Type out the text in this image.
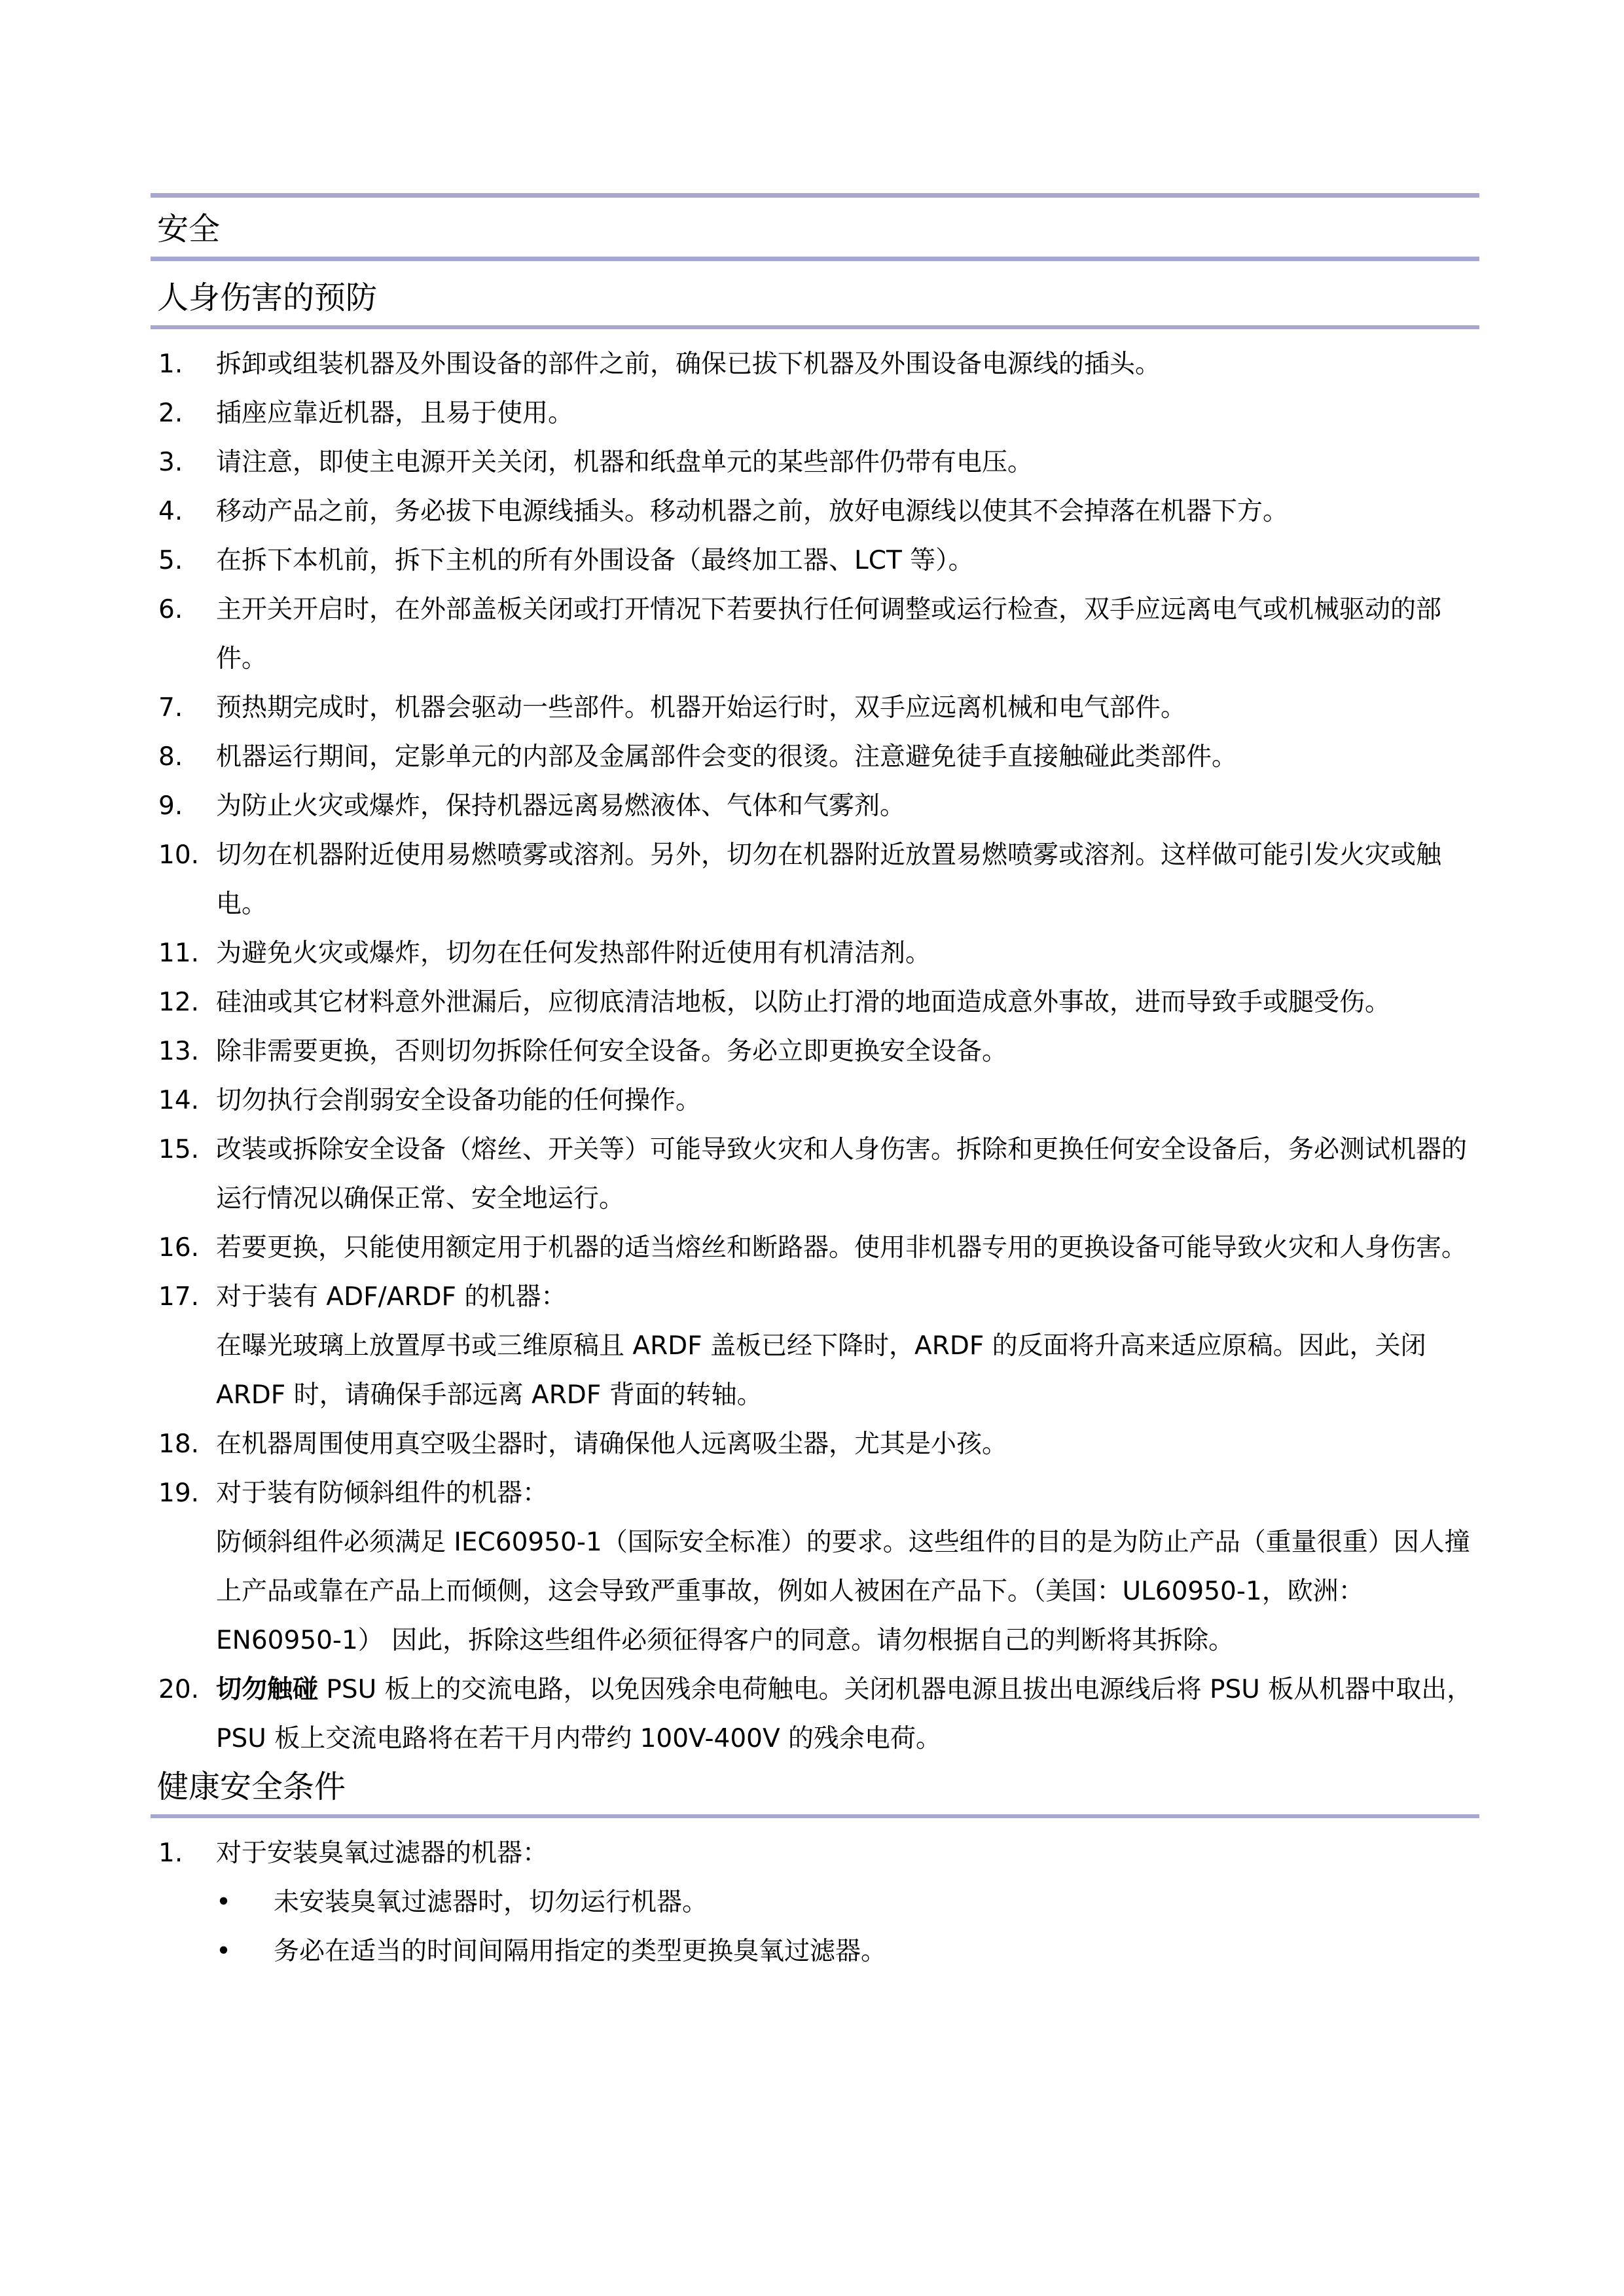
安全
人身伤害的预防
1. 拆卸或组装机器及外围设备的部件之前，确保已拔下机器及外围设备电源线的插头。
2. 插座应靠近机器，且易于使用。
3. 请注意，即使主电源开关关闭，机器和纸盘单元的某些部件仍带有电压。
4. 移动产品之前，务必拔下电源线插头。移动机器之前，放好电源线以使其不会掉落在机器下方。
5. 在拆下本机前，拆下主机的所有外围设备（最终加工器、LCT 等）。
6. 主开关开启时，在外部盖板关闭或打开情况下若要执行任何调整或运行检查，双手应远离电气或机械驱动的部件。
7. 预热期完成时，机器会驱动一些部件。机器开始运行时，双手应远离机械和电气部件。
8. 机器运行期间，定影单元的内部及金属部件会变的很烫。注意避免徒手直接触碰此类部件。
9. 为防止火灾或爆炸，保持机器远离易燃液体、气体和气雾剂。
10. 切勿在机器附近使用易燃喷雾或溶剂。另外，切勿在机器附近放置易燃喷雾或溶剂。这样做可能引发火灾或触电。
11. 为避免火灾或爆炸，切勿在任何发热部件附近使用有机清洁剂。
12. 硅油或其它材料意外泄漏后，应彻底清洁地板，以防止打滑的地面造成意外事故，进而导致手或腿受伤。
13. 除非需要更换，否则切勿拆除任何安全设备。务必立即更换安全设备。
14. 切勿执行会削弱安全设备功能的任何操作。
15. 改装或拆除安全设备（熔丝、开关等）可能导致火灾和人身伤害。拆除和更换任何安全设备后，务必测试机器的运行情况以确保正常、安全地运行。
16. 若要更换，只能使用额定用于机器的适当熔丝和断路器。使用非机器专用的更换设备可能导致火灾和人身伤害。
17. 对于装有 ADF/ARDF 的机器：
在曝光玻璃上放置厚书或三维原稿且 ARDF 盖板已经下降时，ARDF 的反面将升高来适应原稿。因此，关闭 ARDF 时，请确保手部远离 ARDF 背面的转轴。
18. 在机器周围使用真空吸尘器时，请确保他人远离吸尘器，尤其是小孩。
19. 对于装有防倾斜组件的机器：
防倾斜组件必须满足 IEC60950-1（国际安全标准）的要求。这些组件的目的是为防止产品（重量很重）因人撞上产品或靠在产品上而倾侧，这会导致严重事故，例如人被困在产品下。（美国：UL60950-1，欧洲：EN60950-1） 因此，拆除这些组件必须征得客户的同意。请勿根据自己的判断将其拆除。
20. 切勿触碰 PSU 板上的交流电路，以免因残余电荷触电。关闭机器电源且拔出电源线后将 PSU 板从机器中取出，PSU 板上交流电路将在若干月内带约 100V-400V 的残余电荷。
健康安全条件
1. 对于安装臭氧过滤器的机器：
• 未安装臭氧过滤器时，切勿运行机器。
• 务必在适当的时间间隔用指定的类型更换臭氧过滤器。
